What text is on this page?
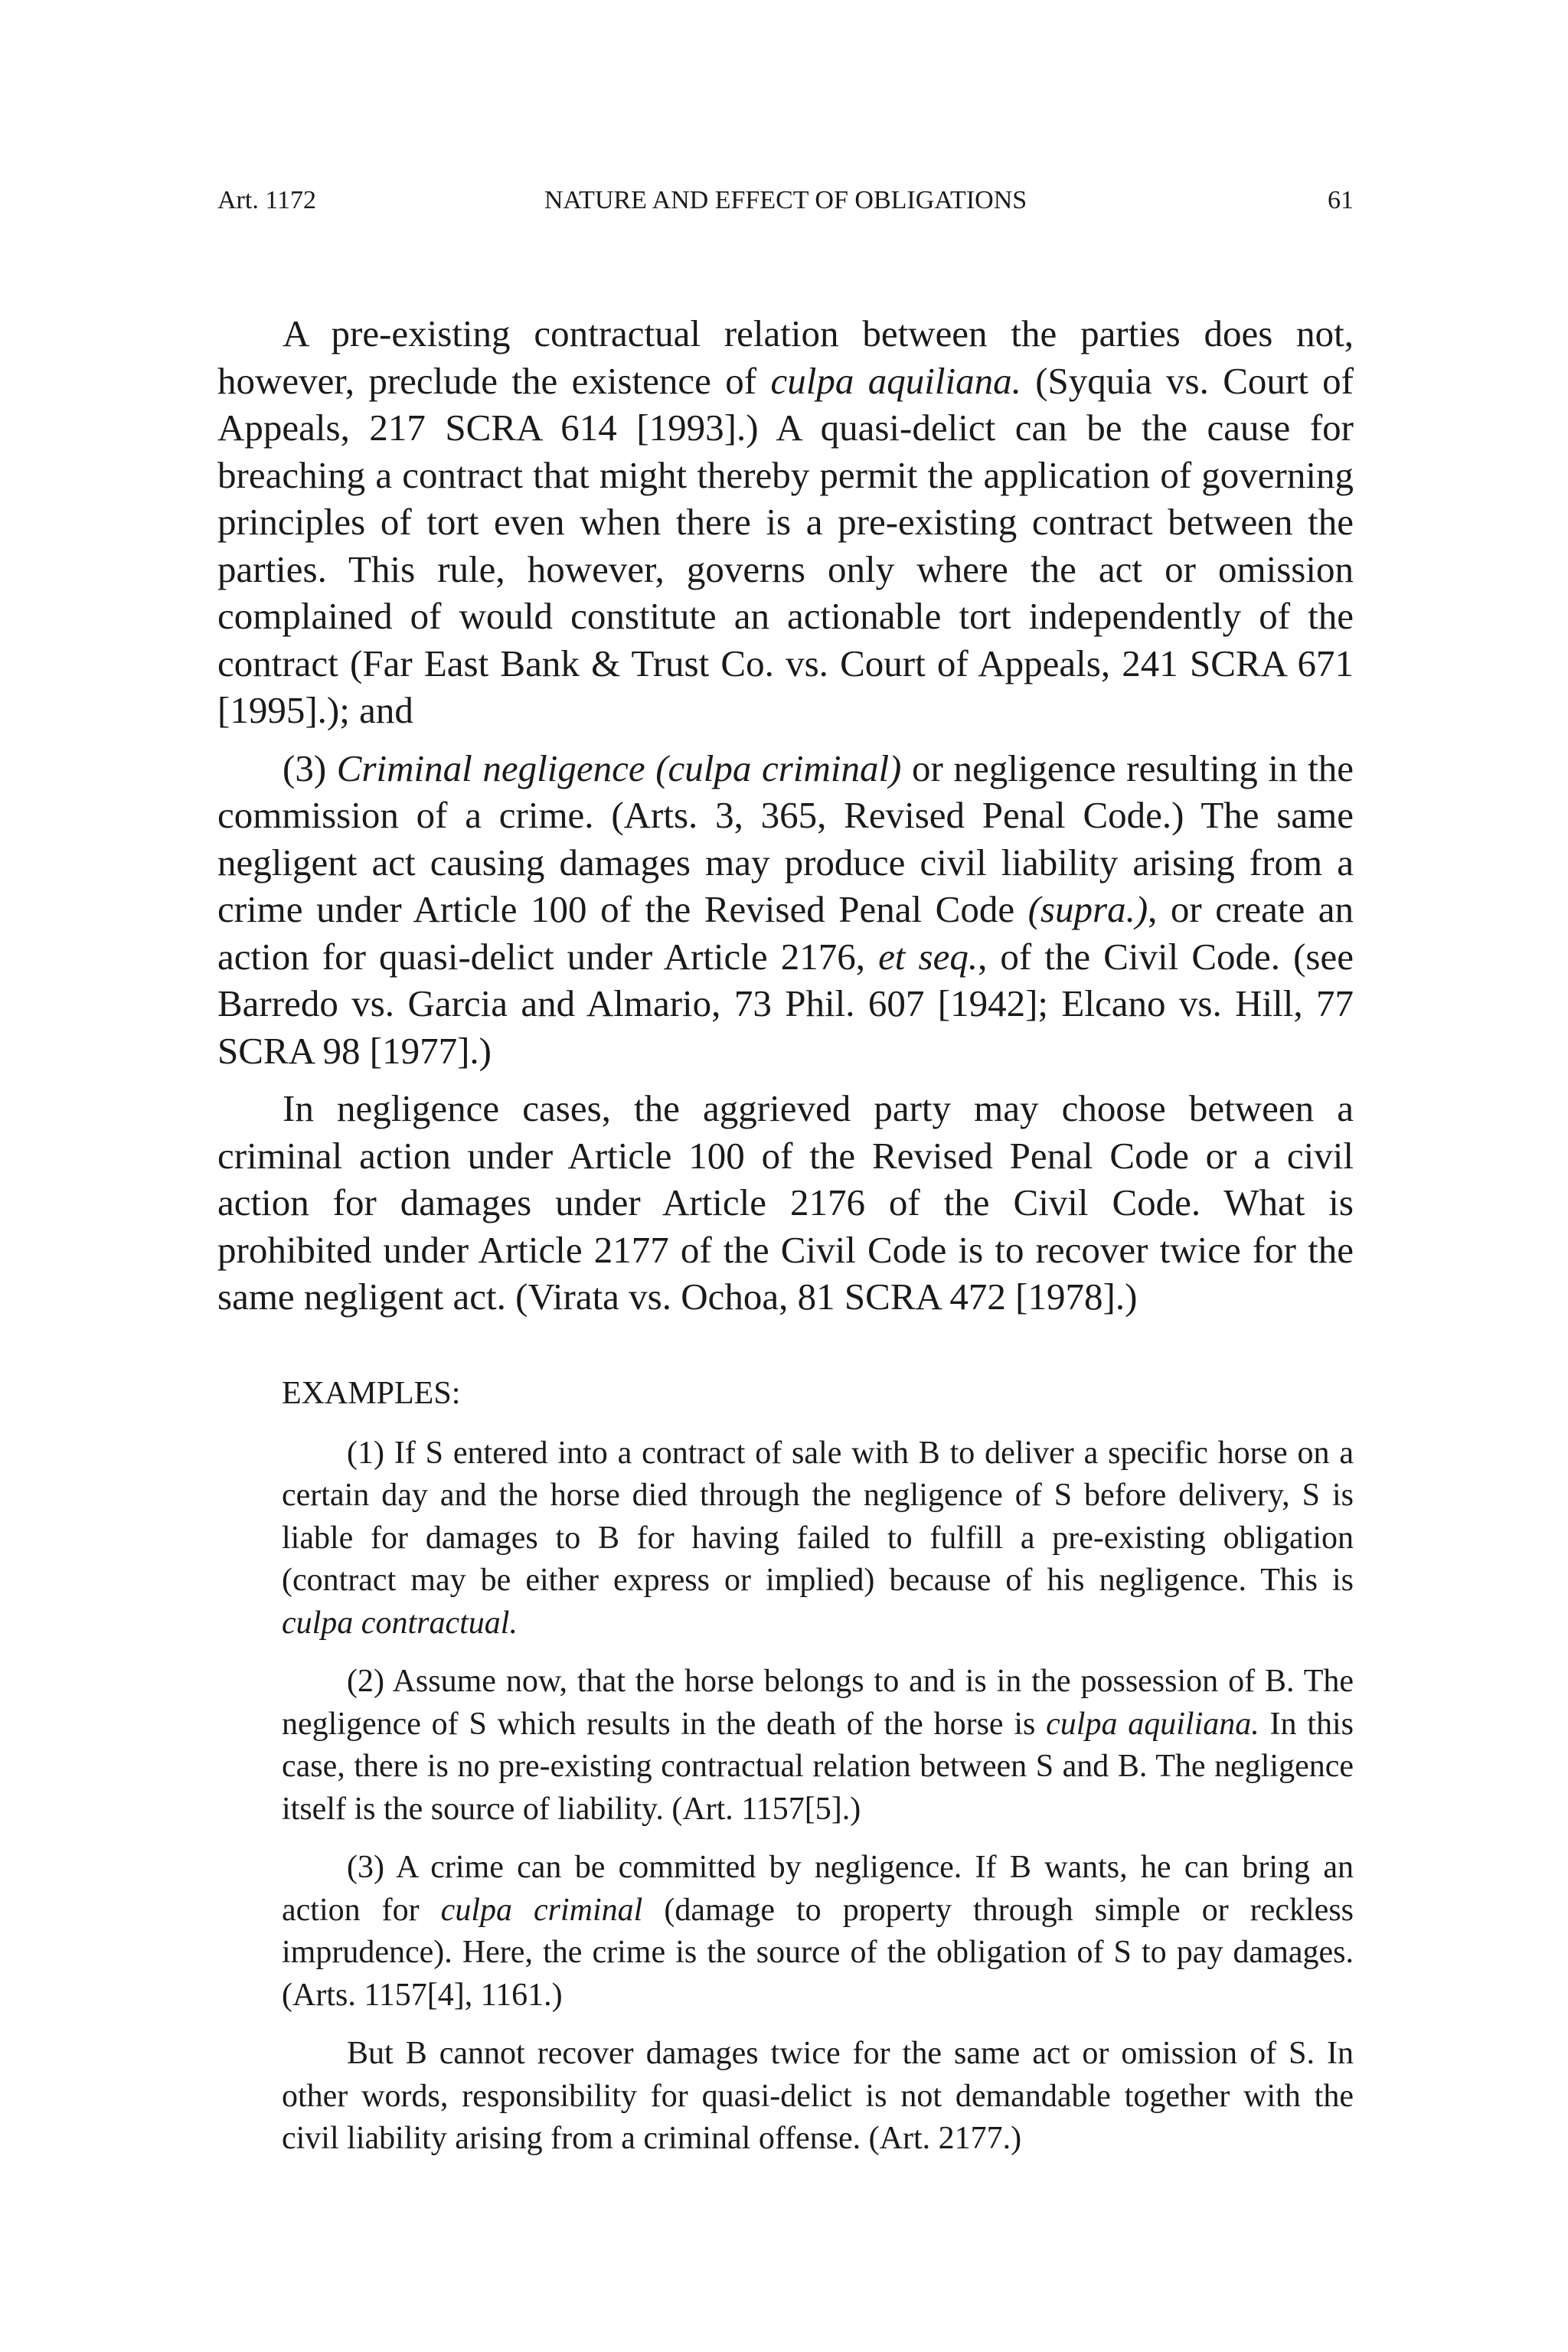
NATURE AND EFFECT OF OBLIGATIONS
Art. 1172	61

A pre-existing contractual relation between the parties does not, however, preclude the existence of culpa aquiliana. (Syquia vs. Court of Appeals, 217 SCRA 614 [1993].) A quasi-delict can be the cause for breaching a contract that might thereby permit the application of governing principles of tort even when there is a pre-existing contract between the parties. This rule, however, governs only where the act or omission complained of would constitute an actionable tort independently of the contract (Far East Bank & Trust Co. vs. Court of Appeals, 241 SCRA 671 [1995].); and

(3) Criminal negligence (culpa criminal) or negligence resulting in the commission of a crime. (Arts. 3, 365, Revised Penal Code.) The same negligent act causing damages may produce civil liability arising from a crime under Article 100 of the Revised Penal Code (supra.), or create an action for quasi-delict under Article 2176, et seq., of the Civil Code. (see Barredo vs. Garcia and Almario, 73 Phil. 607 [1942]; Elcano vs. Hill, 77 SCRA 98 [1977].)

In negligence cases, the aggrieved party may choose between a criminal action under Article 100 of the Revised Penal Code or a civil action for damages under Article 2176 of the Civil Code. What is prohibited under Article 2177 of the Civil Code is to recover twice for the same negligent act. (Virata vs. Ochoa, 81 SCRA 472 [1978].)

EXAMPLES:

(1) If S entered into a contract of sale with B to deliver a specific horse on a certain day and the horse died through the negligence of S before delivery, S is liable for damages to B for having failed to fulfill a pre-existing obligation (contract may be either express or implied) because of his negligence. This is culpa contractual.

(2) Assume now, that the horse belongs to and is in the possession of B. The negligence of S which results in the death of the horse is culpa aquiliana. In this case, there is no pre-existing contractual relation between S and B. The negligence itself is the source of liability. (Art. 1157[5].)

(3) A crime can be committed by negligence. If B wants, he can bring an action for culpa criminal (damage to property through simple or reckless imprudence). Here, the crime is the source of the obligation of S to pay damages. (Arts. 1157[4], 1161.)

But B cannot recover damages twice for the same act or omission of S. In other words, responsibility for quasi-delict is not demandable together with the civil liability arising from a criminal offense. (Art. 2177.)
